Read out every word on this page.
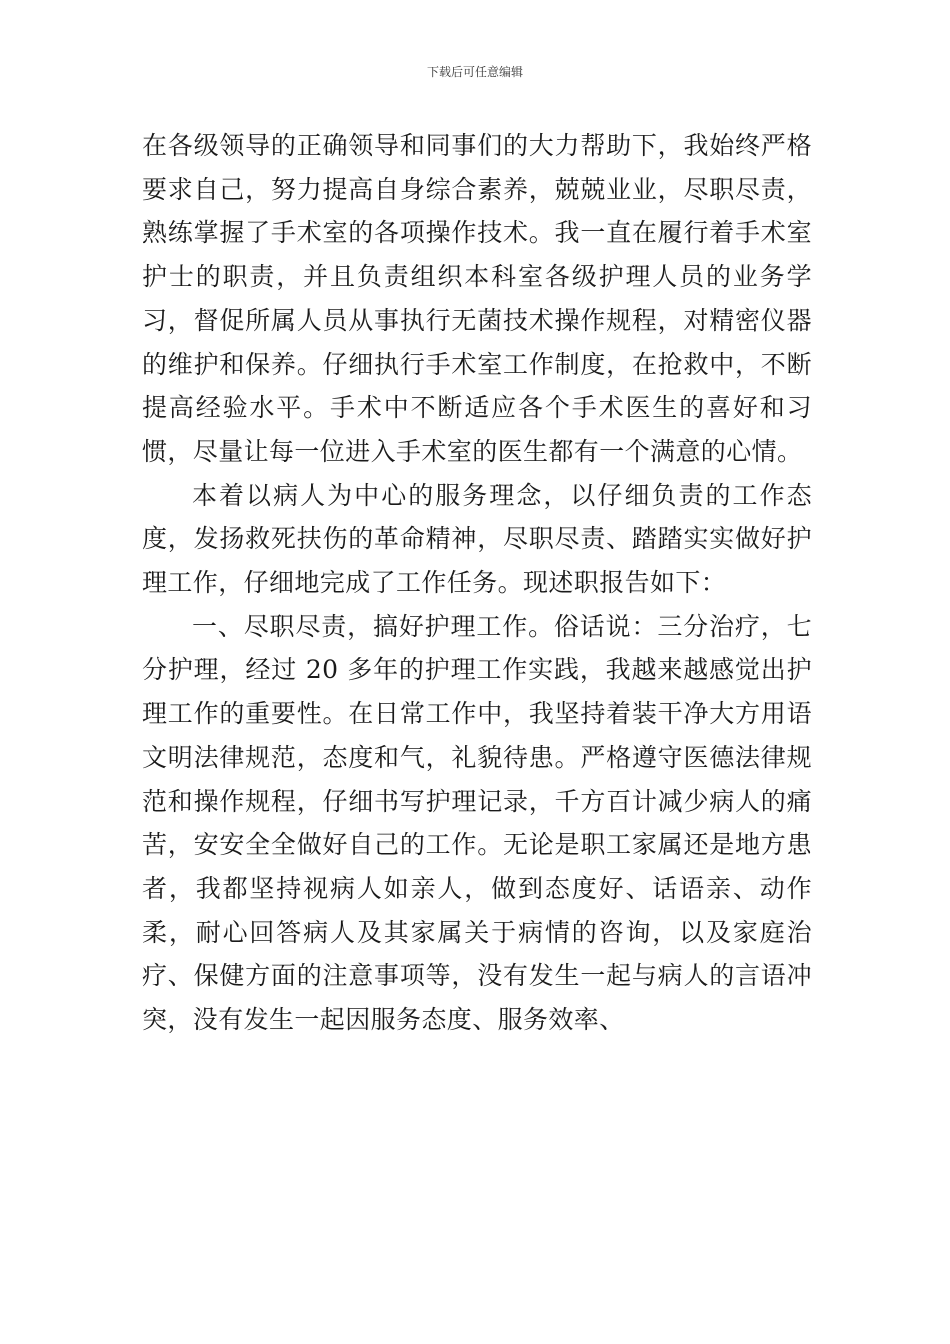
下载后可任意编辑

在各级领导的正确领导和同事们的大力帮助下，我始终严格要求自己，努力提高自身综合素养，兢兢业业，尽职尽责，熟练掌握了手术室的各项操作技术。我一直在履行着手术室护士的职责，并且负责组织本科室各级护理人员的业务学习，督促所属人员从事执行无菌技术操作规程，对精密仪器的维护和保养。仔细执行手术室工作制度，在抢救中，不断提高经验水平。手术中不断适应各个手术医生的喜好和习惯，尽量让每一位进入手术室的医生都有一个满意的心情。

本着以病人为中心的服务理念，以仔细负责的工作态度，发扬救死扶伤的革命精神，尽职尽责、踏踏实实做好护理工作，仔细地完成了工作任务。现述职报告如下：

一、尽职尽责，搞好护理工作。俗话说：三分治疗，七分护理，经过 20 多年的护理工作实践，我越来越感觉出护理工作的重要性。在日常工作中，我坚持着装干净大方用语文明法律规范，态度和气，礼貌待患。严格遵守医德法律规范和操作规程，仔细书写护理记录，千方百计减少病人的痛苦，安安全全做好自己的工作。无论是职工家属还是地方患者，我都坚持视病人如亲人，做到态度好、话语亲、动作柔，耐心回答病人及其家属关于病情的咨询，以及家庭治疗、保健方面的注意事项等，没有发生一起与病人的言语冲突，没有发生一起因服务态度、服务效率、
